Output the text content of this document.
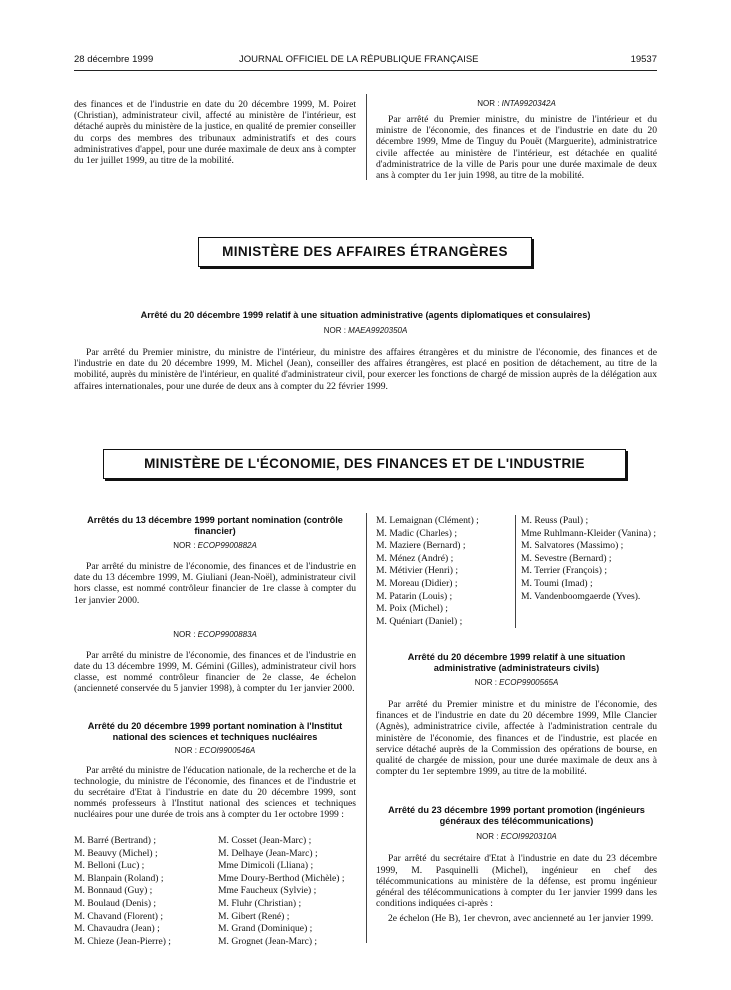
28 décembre 1999	JOURNAL OFFICIEL DE LA RÉPUBLIQUE FRANÇAISE	19537
des finances et de l'industrie en date du 20 décembre 1999, M. Poiret (Christian), administrateur civil, affecté au ministère de l'intérieur, est détaché auprès du ministère de la justice, en qualité de premier conseiller du corps des membres des tribunaux administratifs et des cours administratives d'appel, pour une durée maximale de deux ans à compter du 1er juillet 1999, au titre de la mobilité.
NOR : INTA9920342A

Par arrêté du Premier ministre, du ministre de l'intérieur et du ministre de l'économie, des finances et de l'industrie en date du 20 décembre 1999, Mme de Tinguy du Pouët (Marguerite), administratrice civile affectée au ministère de l'intérieur, est détachée en qualité d'administratrice de la ville de Paris pour une durée maximale de deux ans à compter du 1er juin 1998, au titre de la mobilité.

MINISTÈRE DES AFFAIRES ÉTRANGÈRES
Arrêté du 20 décembre 1999 relatif à une situation administrative (agents diplomatiques et consulaires)
NOR : MAEA9920350A

Par arrêté du Premier ministre, du ministre de l'intérieur, du ministre des affaires étrangères et du ministre de l'économie, des finances et de l'industrie en date du 20 décembre 1999, M. Michel (Jean), conseiller des affaires étrangères, est placé en position de détachement, au titre de la mobilité, auprès du ministère de l'intérieur, en qualité d'administrateur civil, pour exercer les fonctions de chargé de mission auprès de la délégation aux affaires internationales, pour une durée de deux ans à compter du 22 février 1999.

MINISTÈRE DE L'ÉCONOMIE, DES FINANCES ET DE L'INDUSTRIE
Arrêtés du 13 décembre 1999 portant nomination (contrôle financier)
NOR : ECOP9900882A

Par arrêté du ministre de l'économie, des finances et de l'industrie en date du 13 décembre 1999, M. Giuliani (Jean-Noël), administrateur civil hors classe, est nommé contrôleur financier de 1re classe à compter du 1er janvier 2000.

NOR : ECOP9900883A

Par arrêté du ministre de l'économie, des finances et de l'industrie en date du 13 décembre 1999, M. Gémini (Gilles), administrateur civil hors classe, est nommé contrôleur financier de 2e classe, 4e échelon (ancienneté conservée du 5 janvier 1998), à compter du 1er janvier 2000.

Arrêté du 20 décembre 1999 portant nomination à l'Institut national des sciences et techniques nucléaires
NOR : ECOI9900546A

Par arrêté du ministre de l'éducation nationale, de la recherche et de la technologie, du ministre de l'économie, des finances et de l'industrie et du secrétaire d'Etat à l'industrie en date du 20 décembre 1999, sont nommés professeurs à l'Institut national des sciences et techniques nucléaires pour une durée de trois ans à compter du 1er octobre 1999 :

M. Barré (Bertrand) ;
M. Beauvy (Michel) ;
M. Belloni (Luc) ;
M. Blanpain (Roland) ;
M. Bonnaud (Guy) ;
M. Boulaud (Denis) ;
M. Chavand (Florent) ;
M. Chavaudra (Jean) ;
M. Chieze (Jean-Pierre) ;
M. Cosset (Jean-Marc) ;
M. Delhaye (Jean-Marc) ;
Mme Dimicoli (Lliana) ;
Mme Doury-Berthod (Michèle) ;
Mme Faucheux (Sylvie) ;
M. Fluhr (Christian) ;
M. Gibert (René) ;
M. Grand (Dominique) ;
M. Grognet (Jean-Marc) ;
M. Lemaignan (Clément) ;
M. Madic (Charles) ;
M. Maziere (Bernard) ;
M. Ménez (André) ;
M. Métivier (Henri) ;
M. Moreau (Didier) ;
M. Patarin (Louis) ;
M. Poix (Michel) ;
M. Quéniart (Daniel) ;
M. Reuss (Paul) ;
Mme Ruhlmann-Kleider (Vanina) ;
M. Salvatores (Massimo) ;
M. Sevestre (Bernard) ;
M. Terrier (François) ;
M. Toumi (Imad) ;
M. Vandenboomgaerde (Yves).
Arrêté du 20 décembre 1999 relatif à une situation administrative (administrateurs civils)
NOR : ECOP9900565A

Par arrêté du Premier ministre et du ministre de l'économie, des finances et de l'industrie en date du 20 décembre 1999, Mlle Clancier (Agnès), administratrice civile, affectée à l'administration centrale du ministère de l'économie, des finances et de l'industrie, est placée en service détaché auprès de la Commission des opérations de bourse, en qualité de chargée de mission, pour une durée maximale de deux ans à compter du 1er septembre 1999, au titre de la mobilité.

Arrêté du 23 décembre 1999 portant promotion (ingénieurs généraux des télécommunications)
NOR : ECOI9920310A

Par arrêté du secrétaire d'Etat à l'industrie en date du 23 décembre 1999, M. Pasquinelli (Michel), ingénieur en chef des télécommunications au ministère de la défense, est promu ingénieur général des télécommunications à compter du 1er janvier 1999 dans les conditions indiquées ci-après :

2e échelon (He B), 1er chevron, avec ancienneté au 1er janvier 1999.
